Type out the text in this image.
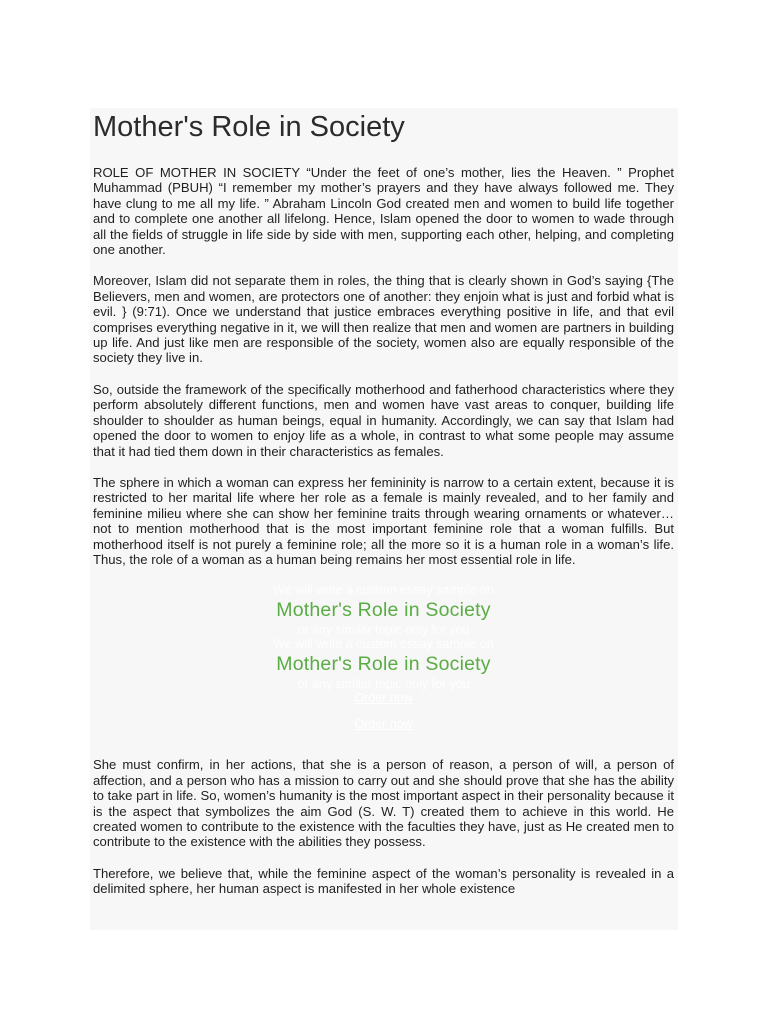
Mother's Role in Society

ROLE OF MOTHER IN SOCIETY “Under the feet of one’s mother, lies the Heaven. ” Prophet Muhammad (PBUH) “I remember my mother’s prayers and they have always followed me. They have clung to me all my life. ” Abraham Lincoln God created men and women to build life together and to complete one another all lifelong. Hence, Islam opened the door to women to wade through all the fields of struggle in life side by side with men, supporting each other, helping, and completing one another.

Moreover, Islam did not separate them in roles, the thing that is clearly shown in God’s saying {The Believers, men and women, are protectors one of another: they enjoin what is just and forbid what is evil. } (9:71). Once we understand that justice embraces everything positive in life, and that evil comprises everything negative in it, we will then realize that men and women are partners in building up life. And just like men are responsible of the society, women also are equally responsible of the society they live in.

So, outside the framework of the specifically motherhood and fatherhood characteristics where they perform absolutely different functions, men and women have vast areas to conquer, building life shoulder to shoulder as human beings, equal in humanity. Accordingly, we can say that Islam had opened the door to women to enjoy life as a whole, in contrast to what some people may assume that it had tied them down in their characteristics as females.

The sphere in which a woman can express her femininity is narrow to a certain extent, because it is restricted to her marital life where her role as a female is mainly revealed, and to her family and feminine milieu where she can show her feminine traits through wearing ornaments or whatever… not to mention motherhood that is the most important feminine role that a woman fulfills. But motherhood itself is not purely a feminine role; all the more so it is a human role in a woman’s life. Thus, the role of a woman as a human being remains her most essential role in life.

We will write a custom essay sample on
Mother's Role in Society
or any similar topic only for you
We will write a custom essay sample on
Mother's Role in Society
or any similar topic only for you
Order now
Order now

She must confirm, in her actions, that she is a person of reason, a person of will, a person of affection, and a person who has a mission to carry out and she should prove that she has the ability to take part in life. So, women’s humanity is the most important aspect in their personality because it is the aspect that symbolizes the aim God (S. W. T) created them to achieve in this world. He created women to contribute to the existence with the faculties they have, just as He created men to contribute to the existence with the abilities they possess.

Therefore, we believe that, while the feminine aspect of the woman’s personality is revealed in a delimited sphere, her human aspect is manifested in her whole existence
